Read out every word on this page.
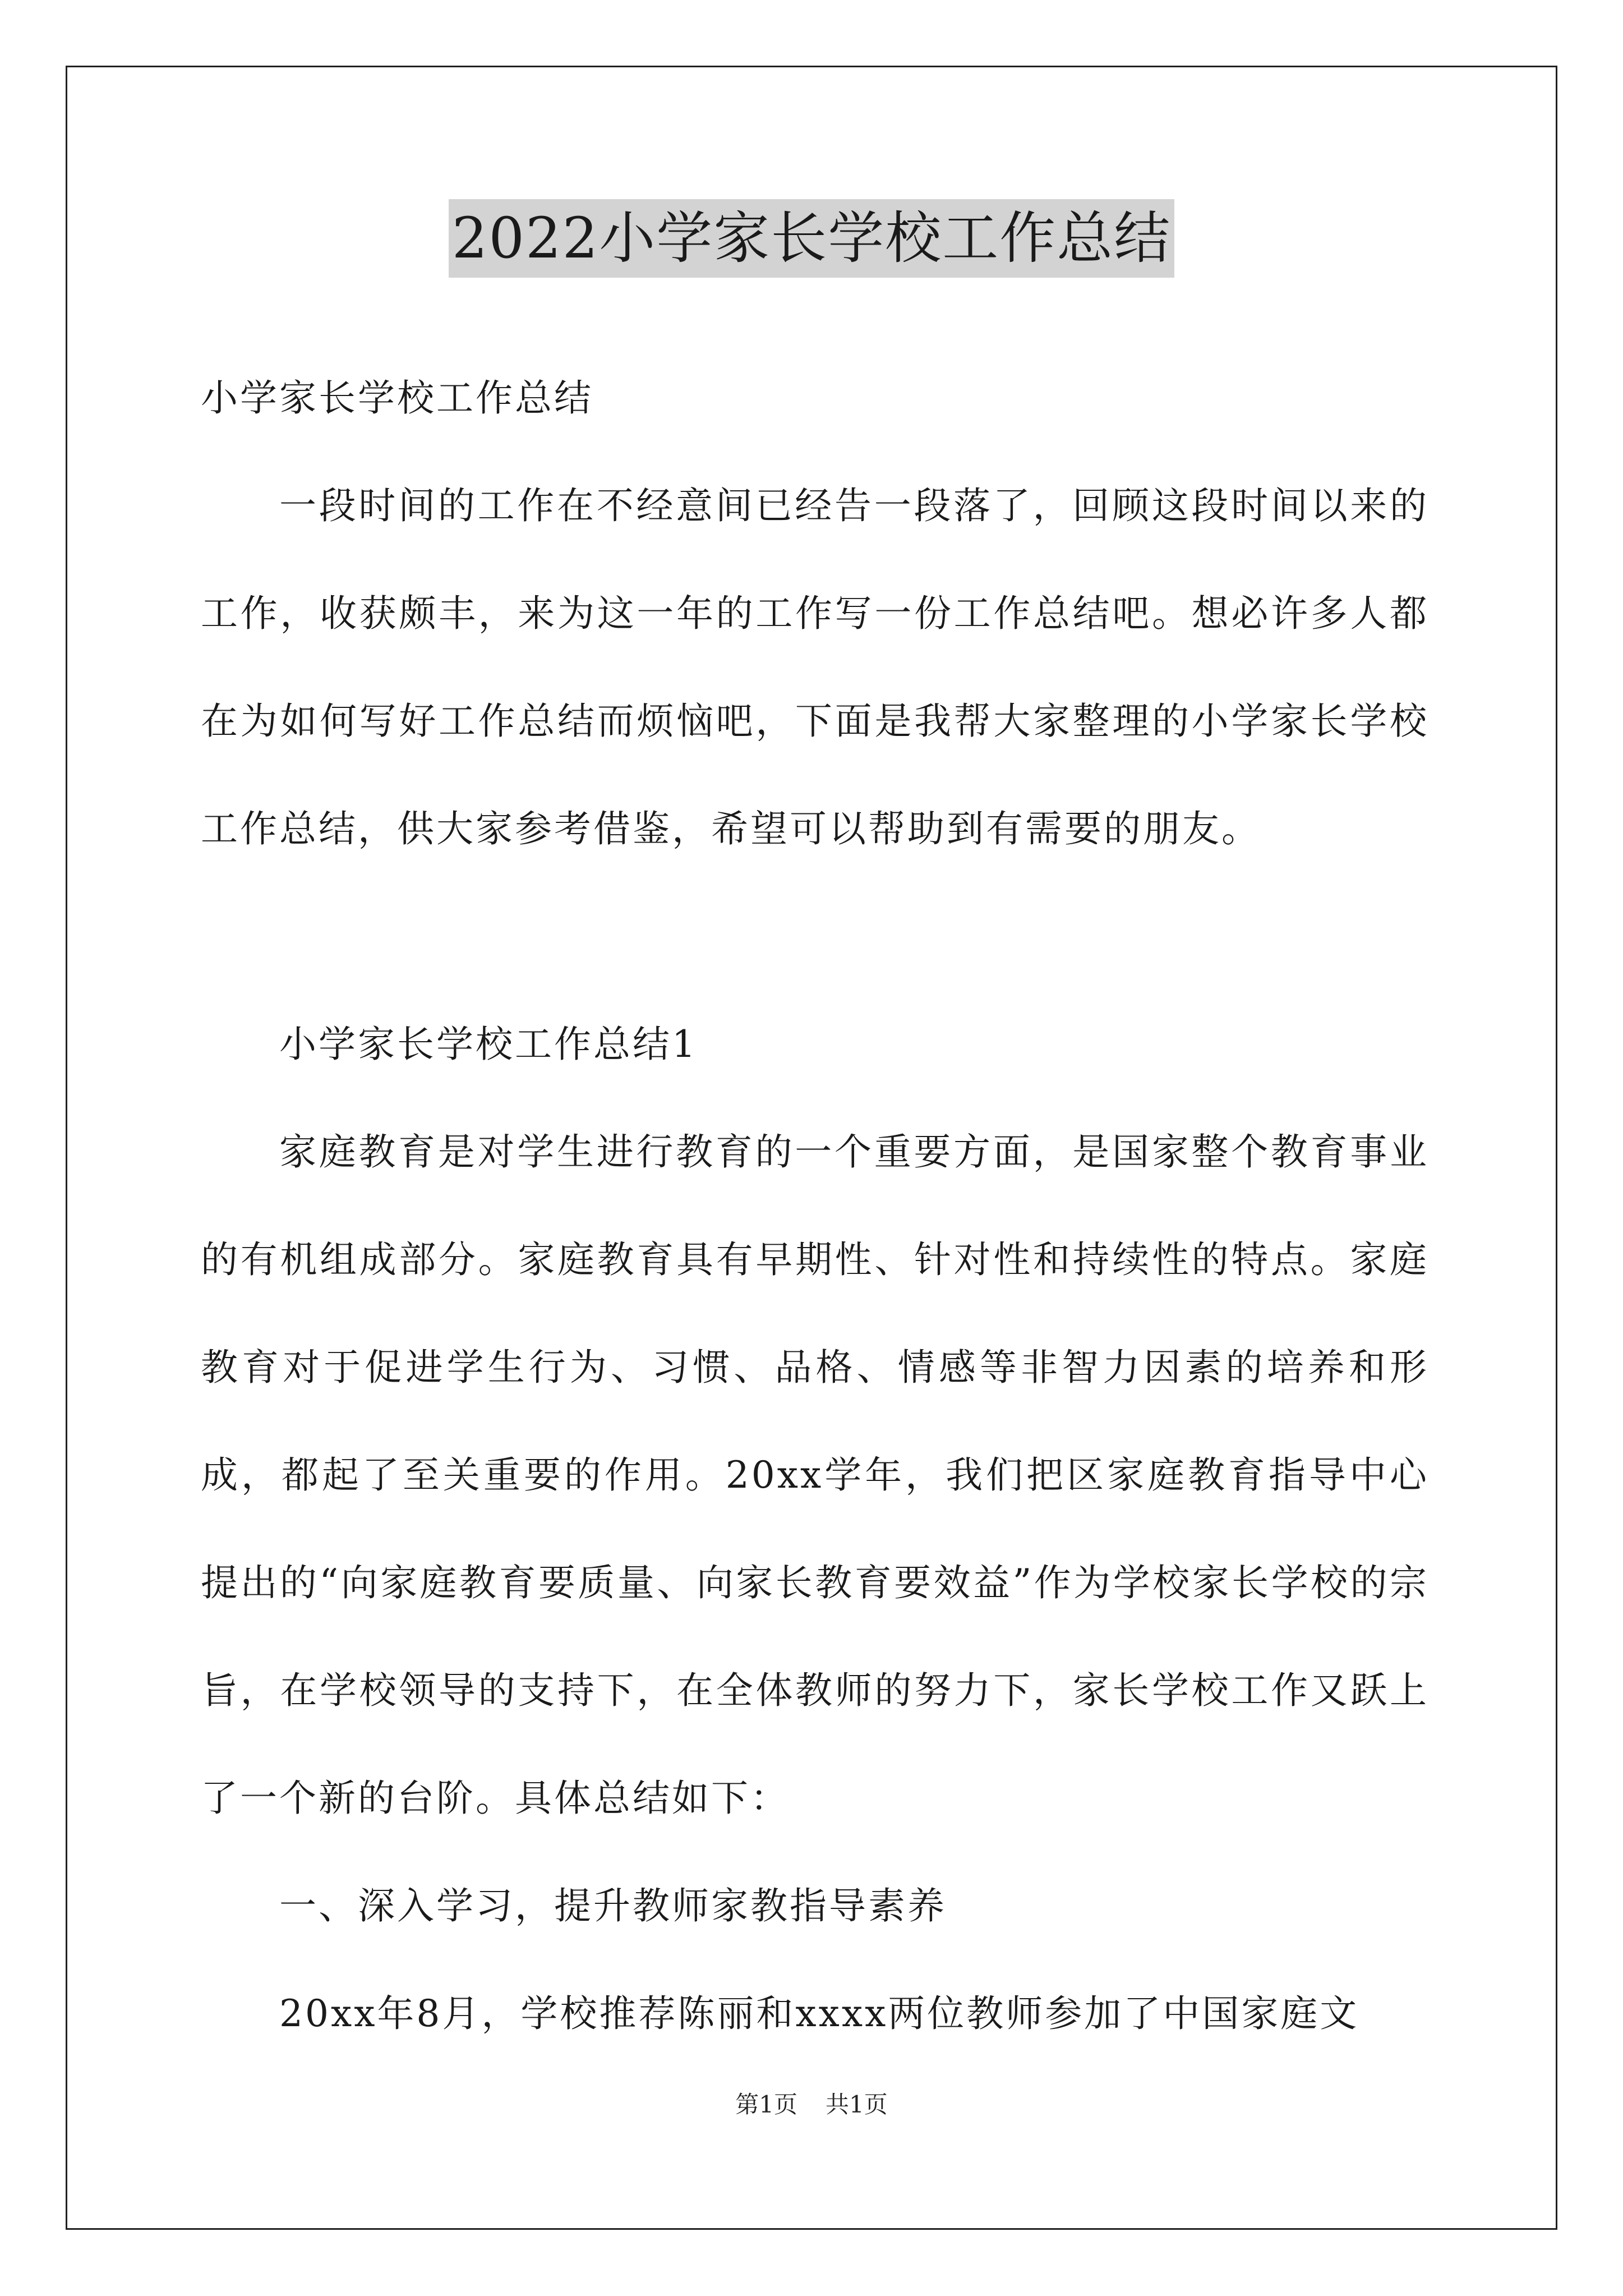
2022小学家长学校工作总结

小学家长学校工作总结

一段时间的工作在不经意间已经告一段落了，回顾这段时间以来的工作，收获颇丰，来为这一年的工作写一份工作总结吧。想必许多人都在为如何写好工作总结而烦恼吧，下面是我帮大家整理的小学家长学校工作总结，供大家参考借鉴，希望可以帮助到有需要的朋友。

小学家长学校工作总结1

家庭教育是对学生进行教育的一个重要方面，是国家整个教育事业的有机组成部分。家庭教育具有早期性、针对性和持续性的特点。家庭教育对于促进学生行为、习惯、品格、情感等非智力因素的培养和形成，都起了至关重要的作用。20xx学年，我们把区家庭教育指导中心提出的“向家庭教育要质量、向家长教育要效益”作为学校家长学校的宗旨，在学校领导的支持下，在全体教师的努力下，家长学校工作又跃上了一个新的台阶。具体总结如下：

一、深入学习，提升教师家教指导素养

20xx年8月，学校推荐陈丽和xxxx两位教师参加了中国家庭文

第1页 共1页
